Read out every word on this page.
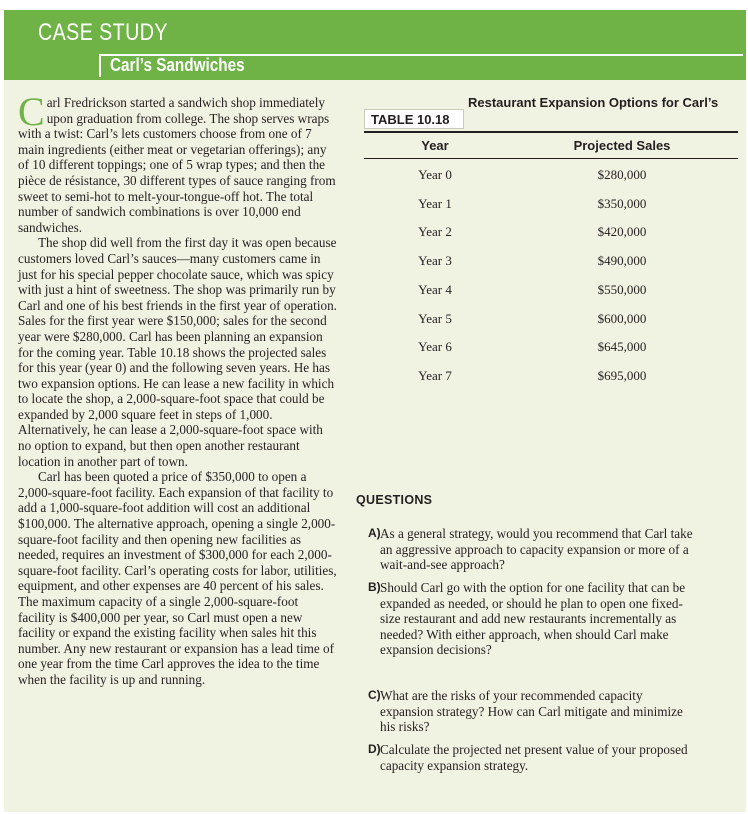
CASE STUDY
Carl’s Sandwiches

Carl Fredrickson started a sandwich shop immediately upon graduation from college. The shop serves wraps with a twist: Carl’s lets customers choose from one of 7 main ingredients (either meat or vegetarian offerings); any of 10 different toppings; one of 5 wrap types; and then the pièce de résistance, 30 different types of sauce ranging from sweet to semi-hot to melt-your-tongue-off hot. The total number of sandwich combinations is over 10,000 end sandwiches.

The shop did well from the first day it was open because customers loved Carl’s sauces—many customers came in just for his special pepper chocolate sauce, which was spicy with just a hint of sweetness. The shop was primarily run by Carl and one of his best friends in the first year of operation. Sales for the first year were $150,000; sales for the second year were $280,000. Carl has been planning an expansion for the coming year. Table 10.18 shows the projected sales for this year (year 0) and the following seven years. He has two expansion options. He can lease a new facility in which to locate the shop, a 2,000-square-foot space that could be expanded by 2,000 square feet in steps of 1,000. Alternatively, he can lease a 2,000-square-foot space with no option to expand, but then open another restaurant location in another part of town.

Carl has been quoted a price of $350,000 to open a 2,000-square-foot facility. Each expansion of that facility to add a 1,000-square-foot addition will cost an additional $100,000. The alternative approach, opening a single 2,000-square-foot facility and then opening new facilities as needed, requires an investment of $300,000 for each 2,000-square-foot facility. Carl’s operating costs for labor, utilities, equipment, and other expenses are 40 percent of his sales. The maximum capacity of a single 2,000-square-foot facility is $400,000 per year, so Carl must open a new facility or expand the existing facility when sales hit this number. Any new restaurant or expansion has a lead time of one year from the time Carl approves the idea to the time when the facility is up and running.

TABLE 10.18
Restaurant Expansion Options for Carl’s
Year	Projected Sales
Year 0	$280,000
Year 1	$350,000
Year 2	$420,000
Year 3	$490,000
Year 4	$550,000
Year 5	$600,000
Year 6	$645,000
Year 7	$695,000
QUESTIONS
A) As a general strategy, would you recommend that Carl take an aggressive approach to capacity expansion or more of a wait-and-see approach?
B) Should Carl go with the option for one facility that can be expanded as needed, or should he plan to open one fixed-size restaurant and add new restaurants incrementally as needed? With either approach, when should Carl make expansion decisions?
C) What are the risks of your recommended capacity expansion strategy? How can Carl mitigate and minimize his risks?
D) Calculate the projected net present value of your proposed capacity expansion strategy.
